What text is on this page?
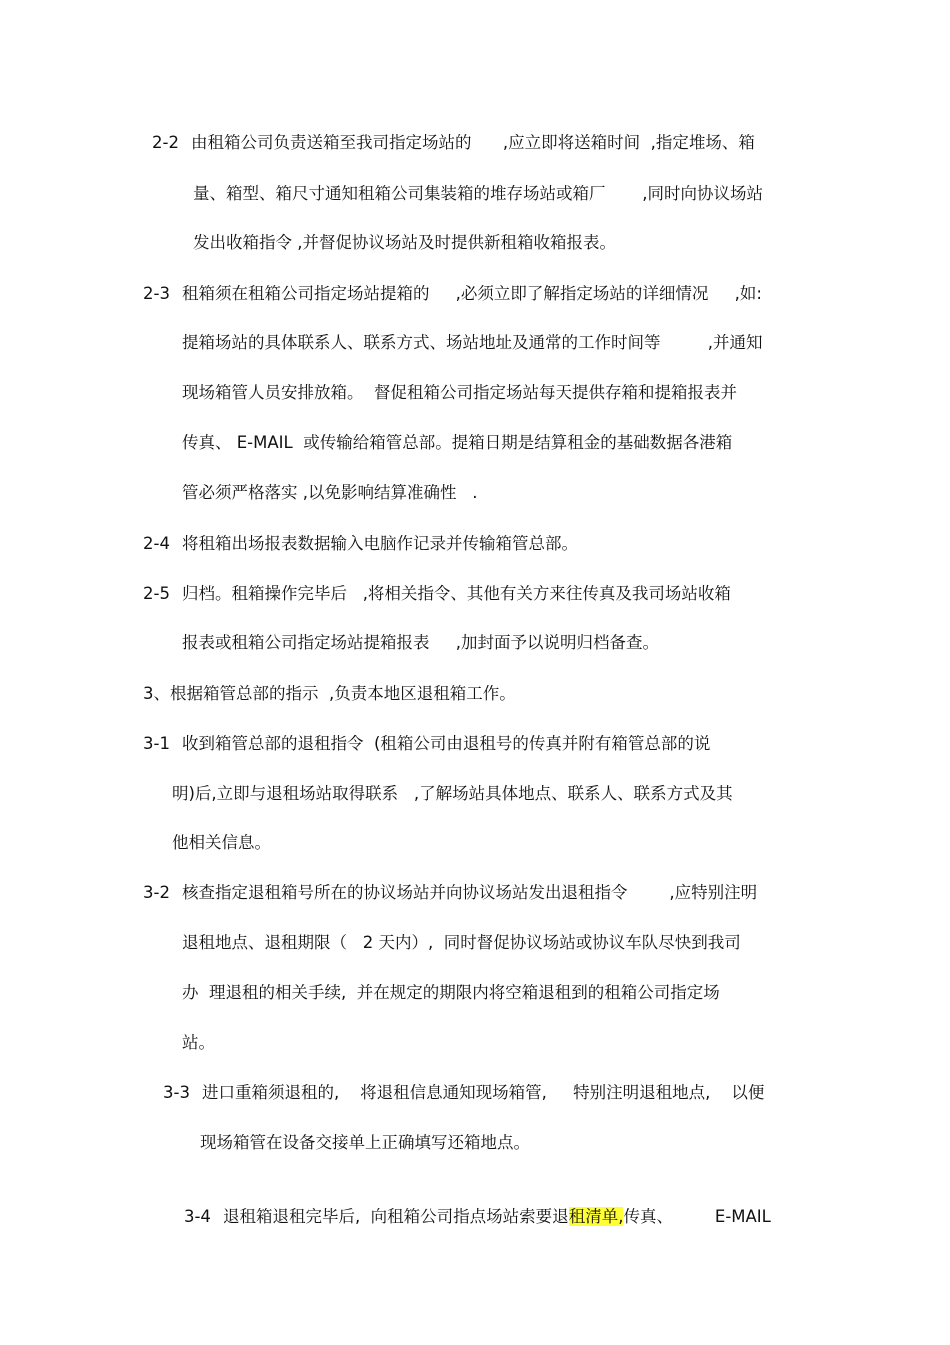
2-2 由租箱公司负责送箱至我司指定场站的      ,应立即将送箱时间  ,指定堆场、箱
量、箱型、箱尺寸通知租箱公司集装箱的堆存场站或箱厂       ,同时向协议场站
发出收箱指令 ,并督促协议场站及时提供新租箱收箱报表。
2-3 租箱须在租箱公司指定场站提箱的     ,必须立即了解指定场站的详细情况     ,如:
提箱场站的具体联系人、联系方式、场站地址及通常的工作时间等         ,并通知
现场箱管人员安排放箱。  督促租箱公司指定场站每天提供存箱和提箱报表并
传真、 E-MAIL  或传输给箱管总部。提箱日期是结算租金的基础数据各港箱
管必须严格落实 ,以免影响结算准确性   .
2-4 将租箱出场报表数据输入电脑作记录并传输箱管总部。
2-5 归档。租箱操作完毕后   ,将相关指令、其他有关方来往传真及我司场站收箱
报表或租箱公司指定场站提箱报表     ,加封面予以说明归档备查。
3、根据箱管总部的指示  ,负责本地区退租箱工作。
3-1 收到箱管总部的退租指令  (租箱公司由退租号的传真并附有箱管总部的说
明)后,立即与退租场站取得联系   ,了解场站具体地点、联系人、联系方式及其
他相关信息。
3-2 核查指定退租箱号所在的协议场站并向协议场站发出退租指令        ,应特别注明
退租地点、退租期限（   2 天内）,  同时督促协议场站或协议车队尽快到我司
办  理退租的相关手续,  并在规定的期限内将空箱退租到的租箱公司指定场
站。
3-3 进口重箱须退租的,    将退租信息通知现场箱管,     特别注明退租地点,    以便
现场箱管在设备交接单上正确填写还箱地点。

3-4 退租箱退租完毕后,  向租箱公司指点场站索要退租清单,传真、        E-MAIL
